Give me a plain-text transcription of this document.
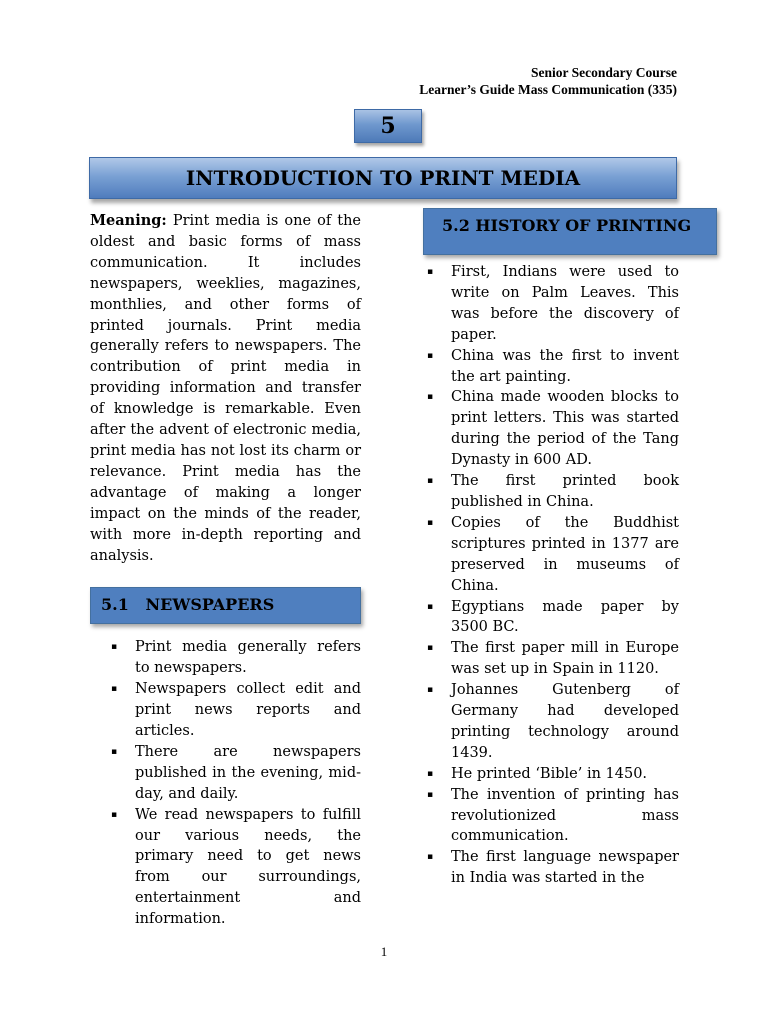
Senior Secondary Course
Learner’s Guide Mass Communication (335)
5
INTRODUCTION TO PRINT MEDIA

Meaning: Print media is one of the oldest and basic forms of mass communication. It includes newspapers, weeklies, magazines, monthlies, and other forms of printed journals. Print media generally refers to newspapers. The contribution of print media in providing information and transfer of knowledge is remarkable. Even after the advent of electronic media, print media has not lost its charm or relevance. Print media has the advantage of making a longer impact on the minds of the reader, with more in-depth reporting and analysis.

5.1   NEWSPAPERS
▪ Print media generally refers to newspapers.
▪ Newspapers collect edit and print news reports and articles.
▪ There are newspapers published in the evening, mid-day, and daily.
▪ We read newspapers to fulfill our various needs, the primary need to get news from our surroundings, entertainment and information.
5.2 HISTORY OF PRINTING
▪ First, Indians were used to write on Palm Leaves. This was before the discovery of paper.
▪ China was the first to invent the art painting.
▪ China made wooden blocks to print letters. This was started during the period of the Tang Dynasty in 600 AD.
▪ The first printed book published in China.
▪ Copies of the Buddhist scriptures printed in 1377 are preserved in museums of China.
▪ Egyptians made paper by 3500 BC.
▪ The first paper mill in Europe was set up in Spain in 1120.
▪ Johannes Gutenberg of Germany had developed printing technology around 1439.
▪ He printed ‘Bible’ in 1450.
▪ The invention of printing has revolutionized mass communication.
▪ The first language newspaper in India was started in the
1
